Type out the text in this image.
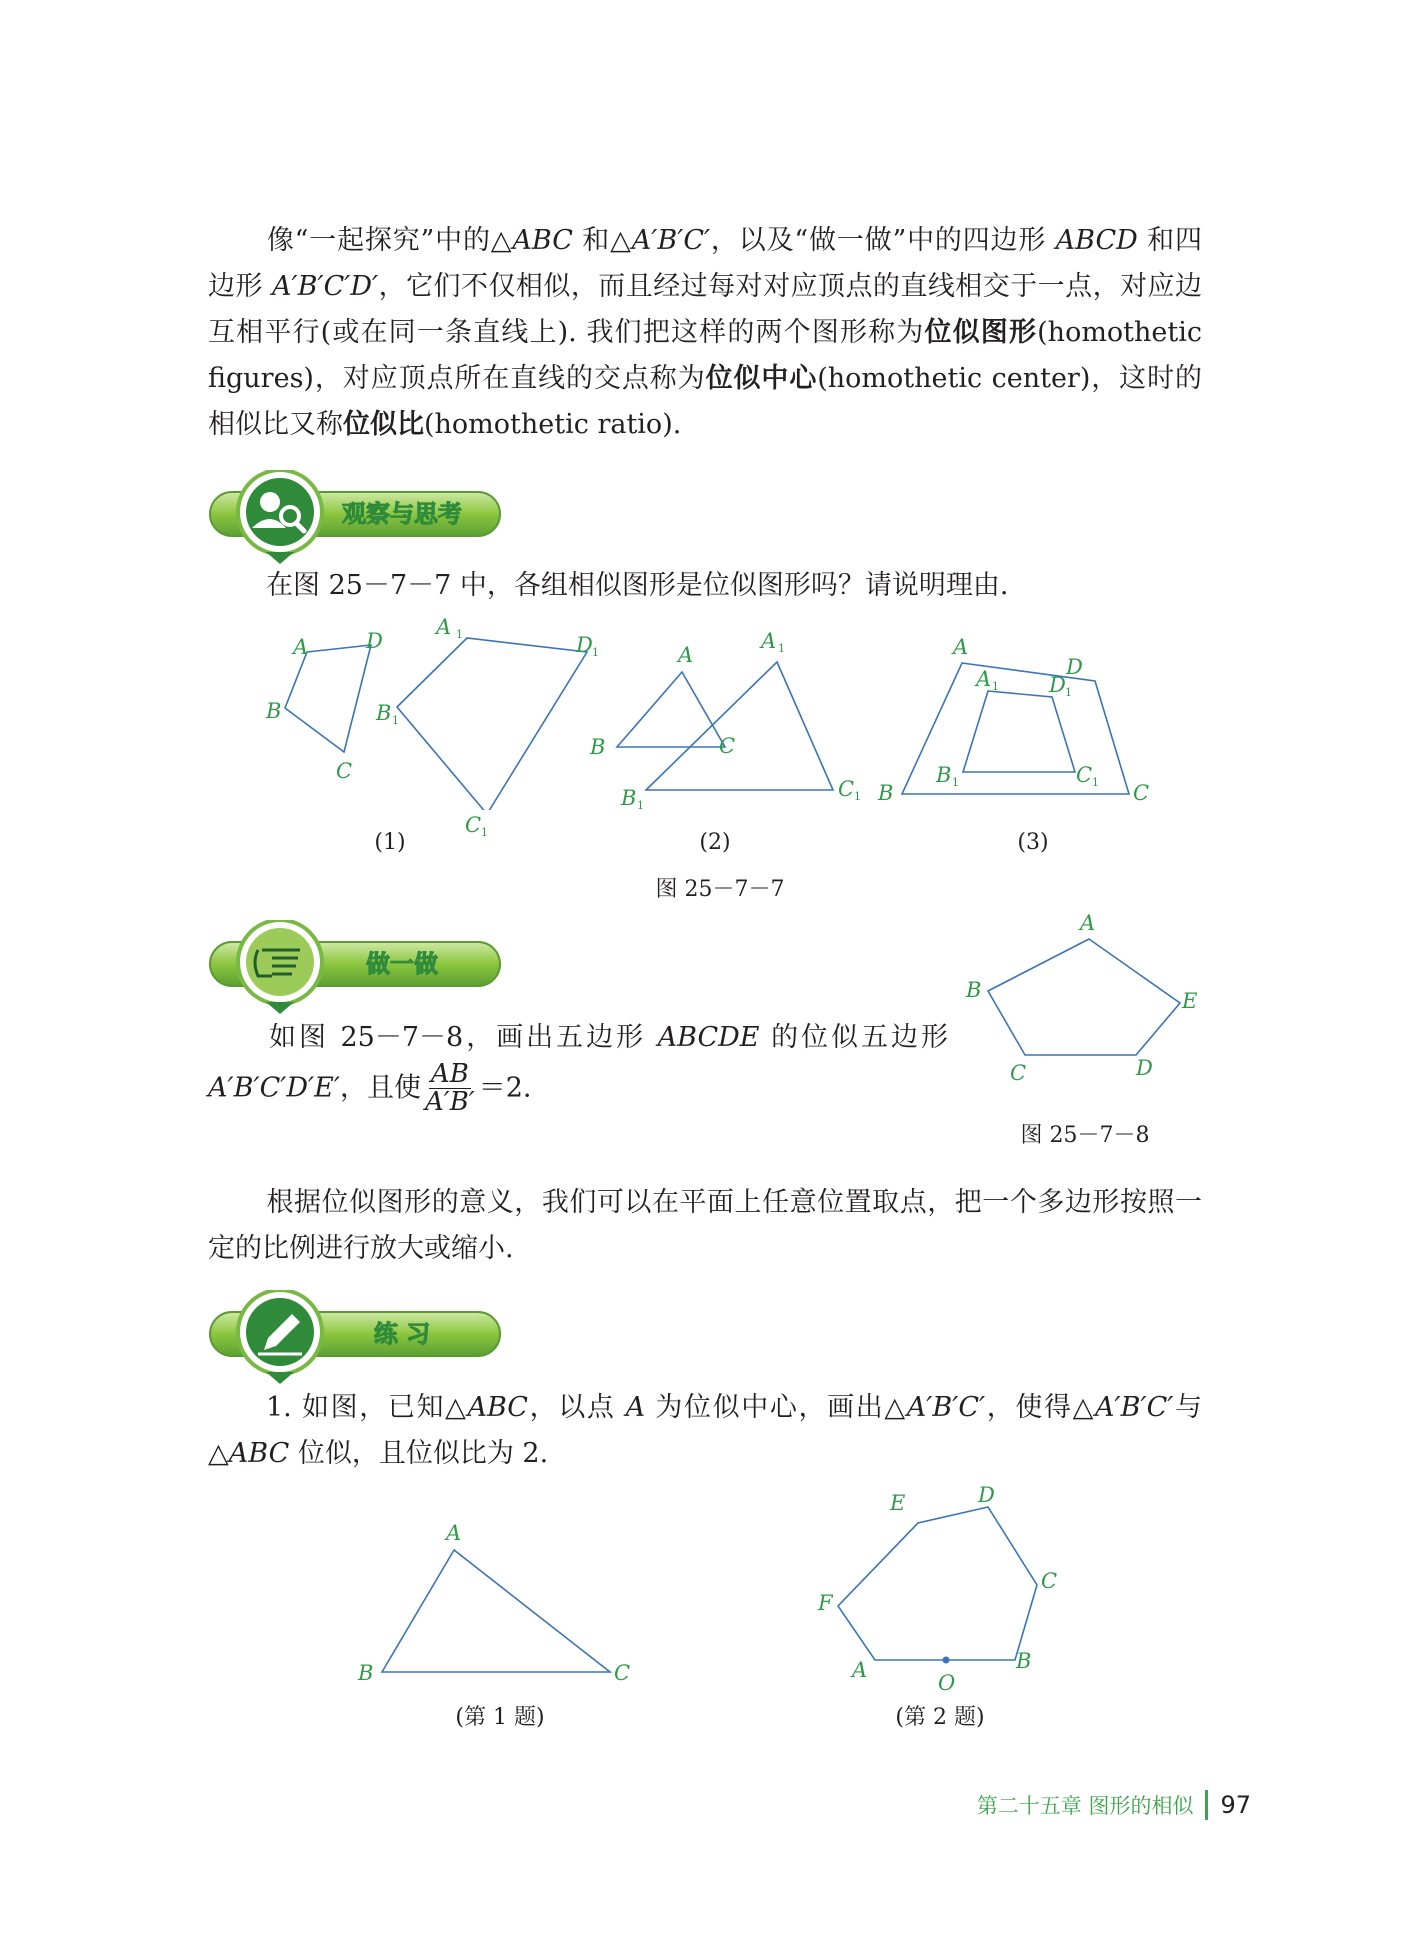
像“一起探究”中的△ABC 和△A′B′C′，以及“做一做”中的四边形 ABCD 和四边形 A′B′C′D′，它们不仅相似，而且经过每对对应顶点的直线相交于一点，对应边互相平行(或在同一条直线上). 我们把这样的两个图形称为位似图形(homothetic figures)，对应顶点所在直线的交点称为位似中心(homothetic center)，这时的相似比又称位似比(homothetic ratio).

观察与思考

在图 25－7－7 中，各组相似图形是位似图形吗？请说明理由.

A	D
B
C
A 1	D 1
B 1
C 1
A
B	C
A 1
B 1
C 1
A
D
B	C
A 1 D 1
B 1	C 1
(1)	(2)	(3)
图 25－7－7
做一做

如图 25－7－8，画出五边形 ABCDE 的位似五边形 A′B′C′D′E′，且使 $\frac{AB}{A'B'} =2$.

A
B	E
C	D
图 25－7－8

根据位似图形的意义，我们可以在平面上任意位置取点，把一个多边形按照一定的比例进行放大或缩小.

练 习

1. 如图，已知△ABC，以点 A 为位似中心，画出△A′B′C′，使得△A′B′C′与△ABC 位似，且位似比为 2.

A
B	C
(第 1 题)
E	D
C
F
A	B
O
(第 2 题)
第二十五章 图形的相似 97
